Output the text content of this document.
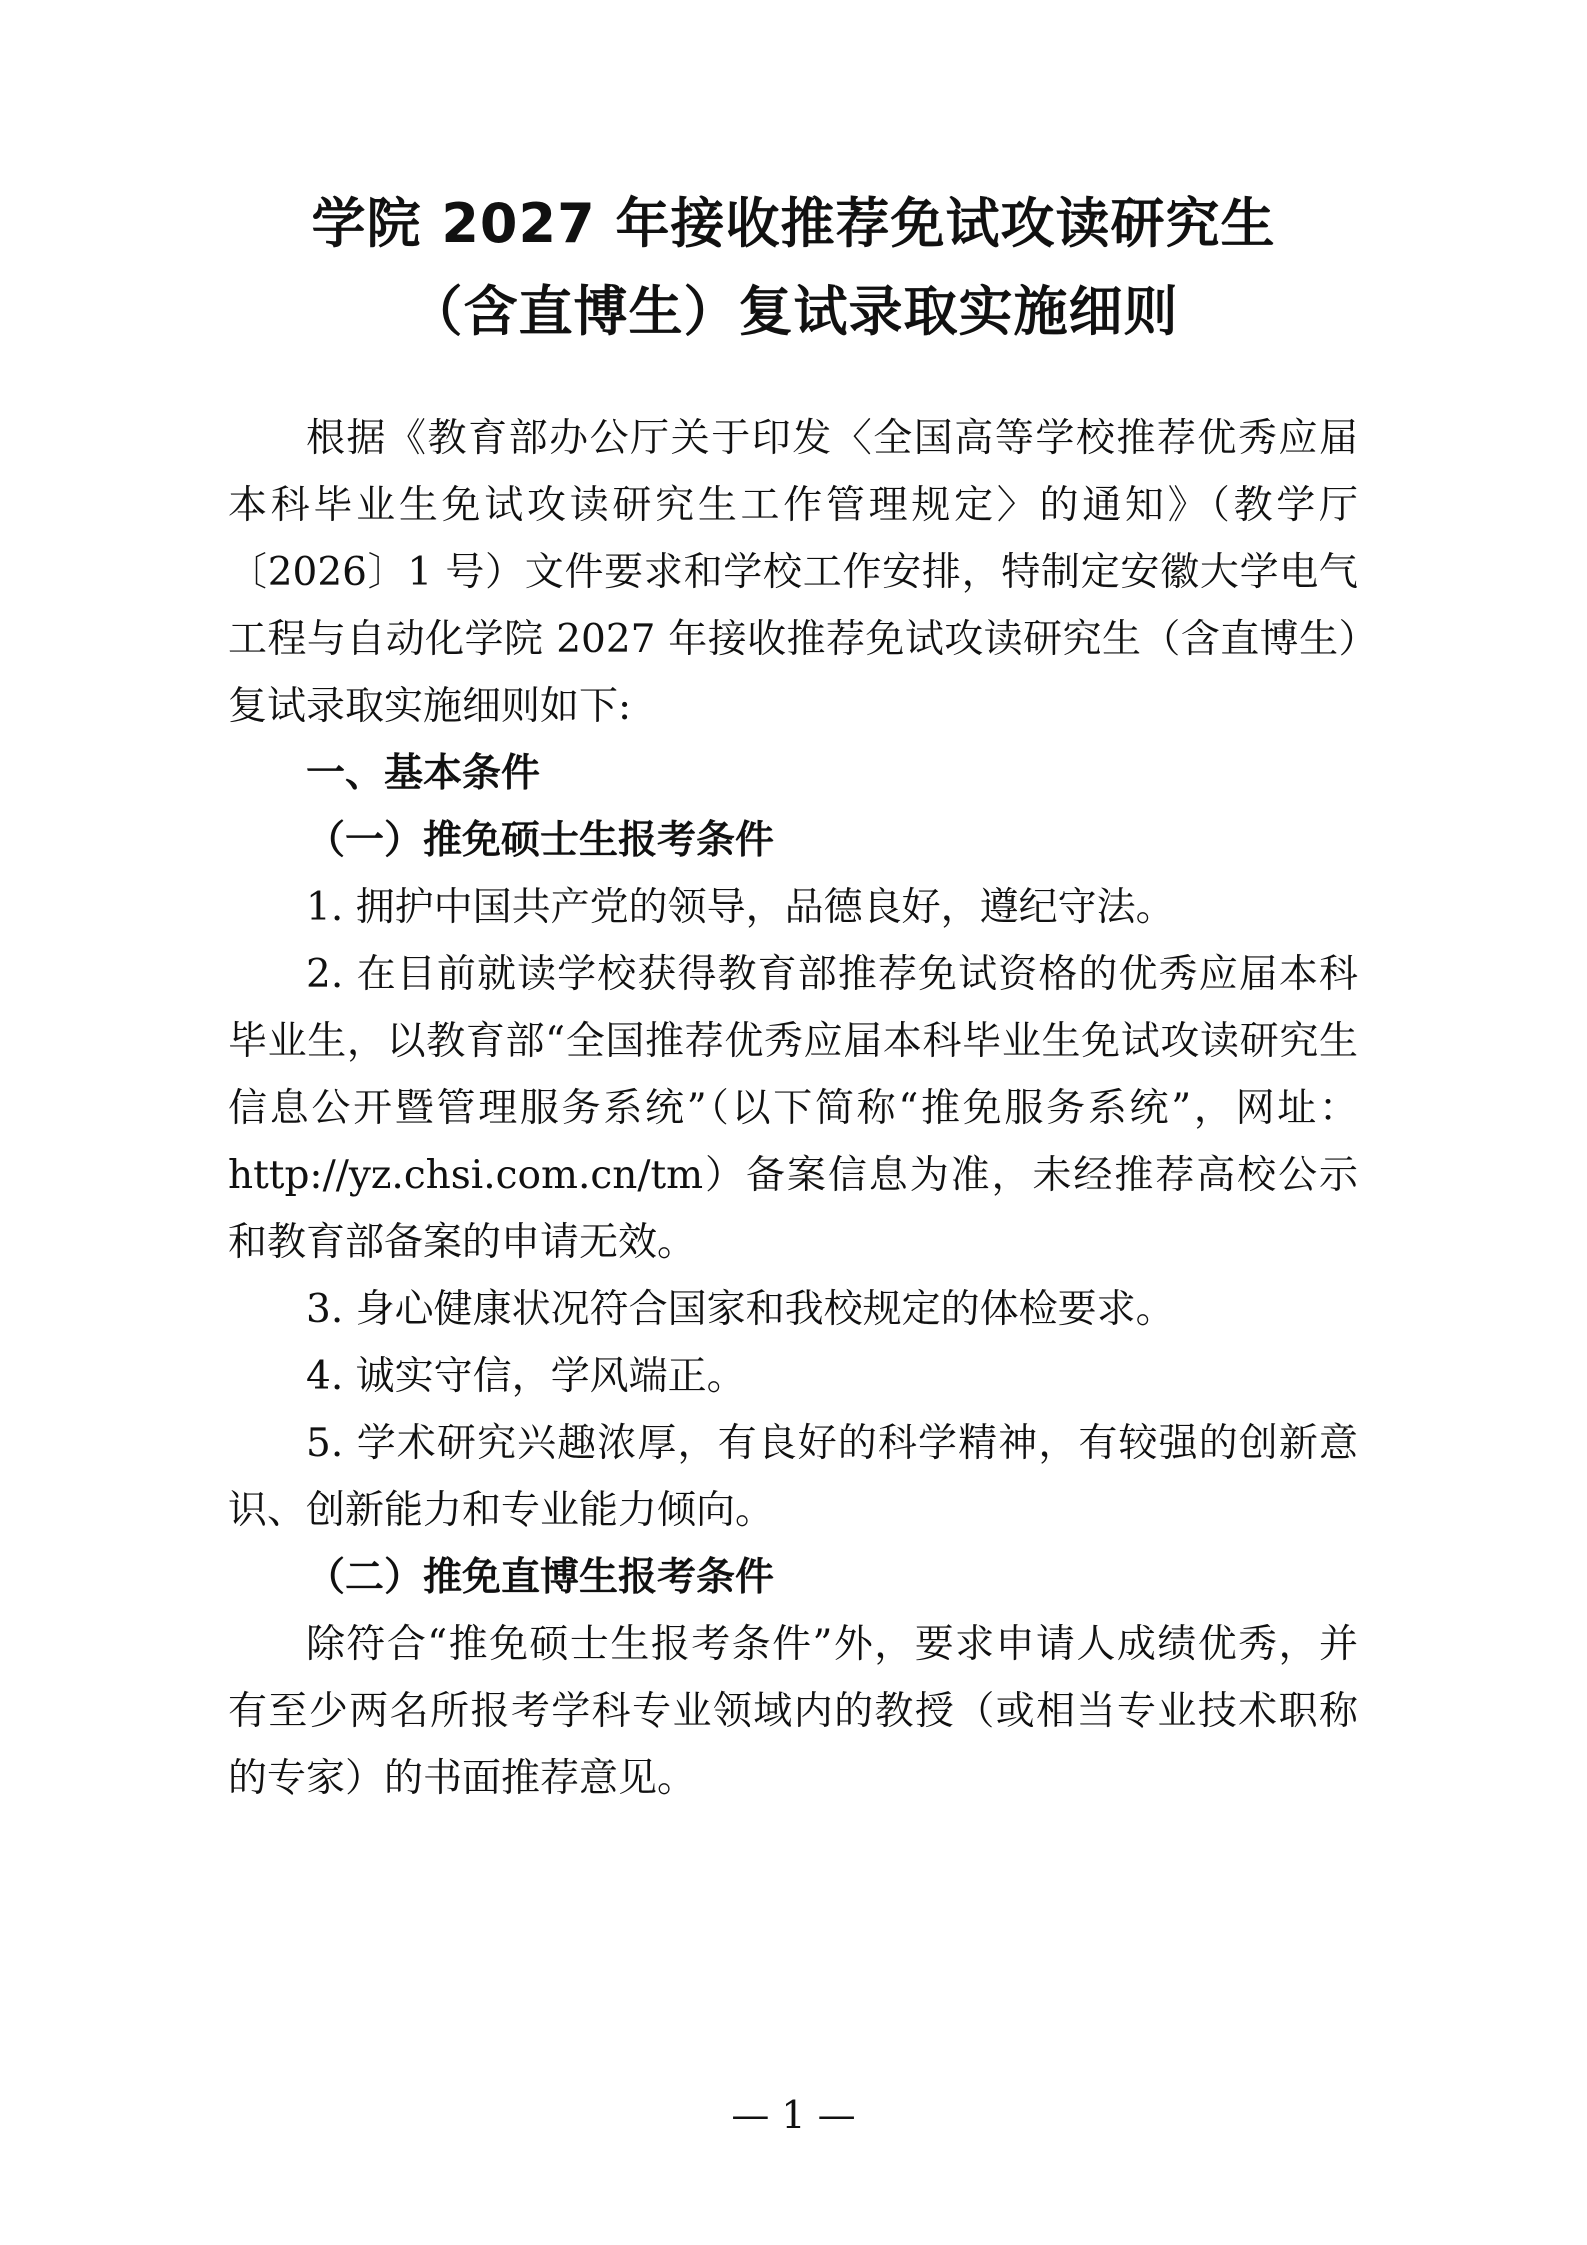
学院 2027 年接收推荐免试攻读研究生
（含直博生）复试录取实施细则

根据《教育部办公厅关于印发〈全国高等学校推荐优秀应届本科毕业生免试攻读研究生工作管理规定〉的通知》（教学厅〔2026〕1 号）文件要求和学校工作安排，特制定安徽大学电气工程与自动化学院 2027 年接收推荐免试攻读研究生（含直博生）复试录取实施细则如下:

一、基本条件

（一）推免硕士生报考条件

1. 拥护中国共产党的领导，品德良好，遵纪守法。

2. 在目前就读学校获得教育部推荐免试资格的优秀应届本科毕业生，以教育部“全国推荐优秀应届本科毕业生免试攻读研究生信息公开暨管理服务系统”（以下简称“推免服务系统”，网址：http://yz.chsi.com.cn/tm）备案信息为准，未经推荐高校公示和教育部备案的申请无效。

3. 身心健康状况符合国家和我校规定的体检要求。

4. 诚实守信，学风端正。

5. 学术研究兴趣浓厚，有良好的科学精神，有较强的创新意识、创新能力和专业能力倾向。

（二）推免直博生报考条件

除符合“推免硕士生报考条件”外，要求申请人成绩优秀，并有至少两名所报考学科专业领域内的教授（或相当专业技术职称的专家）的书面推荐意见。

— 1 —
